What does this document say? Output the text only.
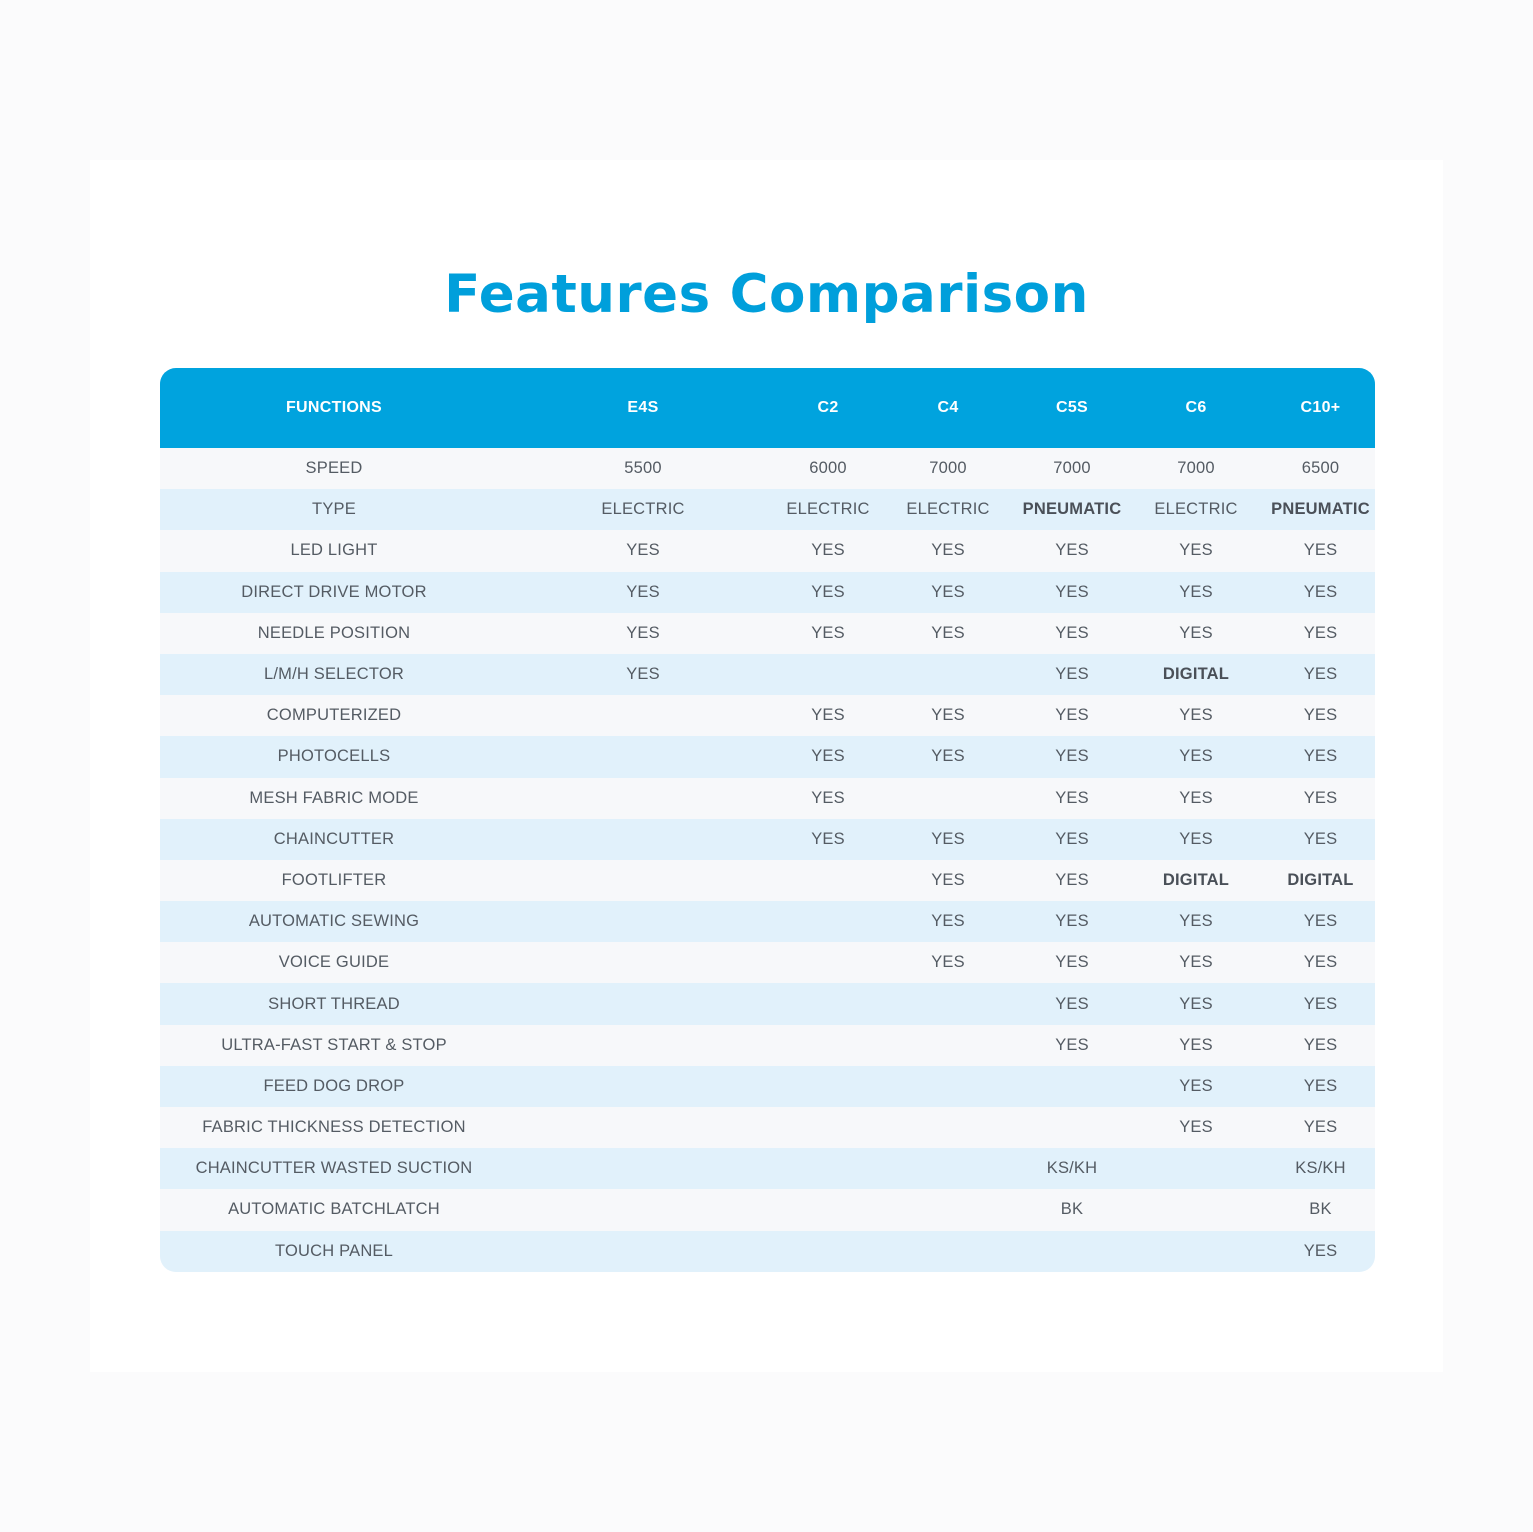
Features Comparison
FUNCTIONS	E4S	C2	C4	C5S	C6	C10+
SPEED	5500	6000	7000	7000	7000	6500
TYPE	ELECTRIC	ELECTRIC	ELECTRIC	PNEUMATIC	ELECTRIC	PNEUMATIC
LED LIGHT	YES	YES	YES	YES	YES	YES
DIRECT DRIVE MOTOR	YES	YES	YES	YES	YES	YES
NEEDLE POSITION	YES	YES	YES	YES	YES	YES
L/M/H SELECTOR	YES			YES	DIGITAL	YES
COMPUTERIZED		YES	YES	YES	YES	YES
PHOTOCELLS		YES	YES	YES	YES	YES
MESH FABRIC MODE		YES		YES	YES	YES
CHAINCUTTER		YES	YES	YES	YES	YES
FOOTLIFTER			YES	YES	DIGITAL	DIGITAL
AUTOMATIC SEWING			YES	YES	YES	YES
VOICE GUIDE			YES	YES	YES	YES
SHORT THREAD				YES	YES	YES
ULTRA-FAST START & STOP				YES	YES	YES
FEED DOG DROP					YES	YES
FABRIC THICKNESS DETECTION					YES	YES
CHAINCUTTER WASTED SUCTION				KS/KH		KS/KH
AUTOMATIC BATCHLATCH				BK		BK
TOUCH PANEL						YES
